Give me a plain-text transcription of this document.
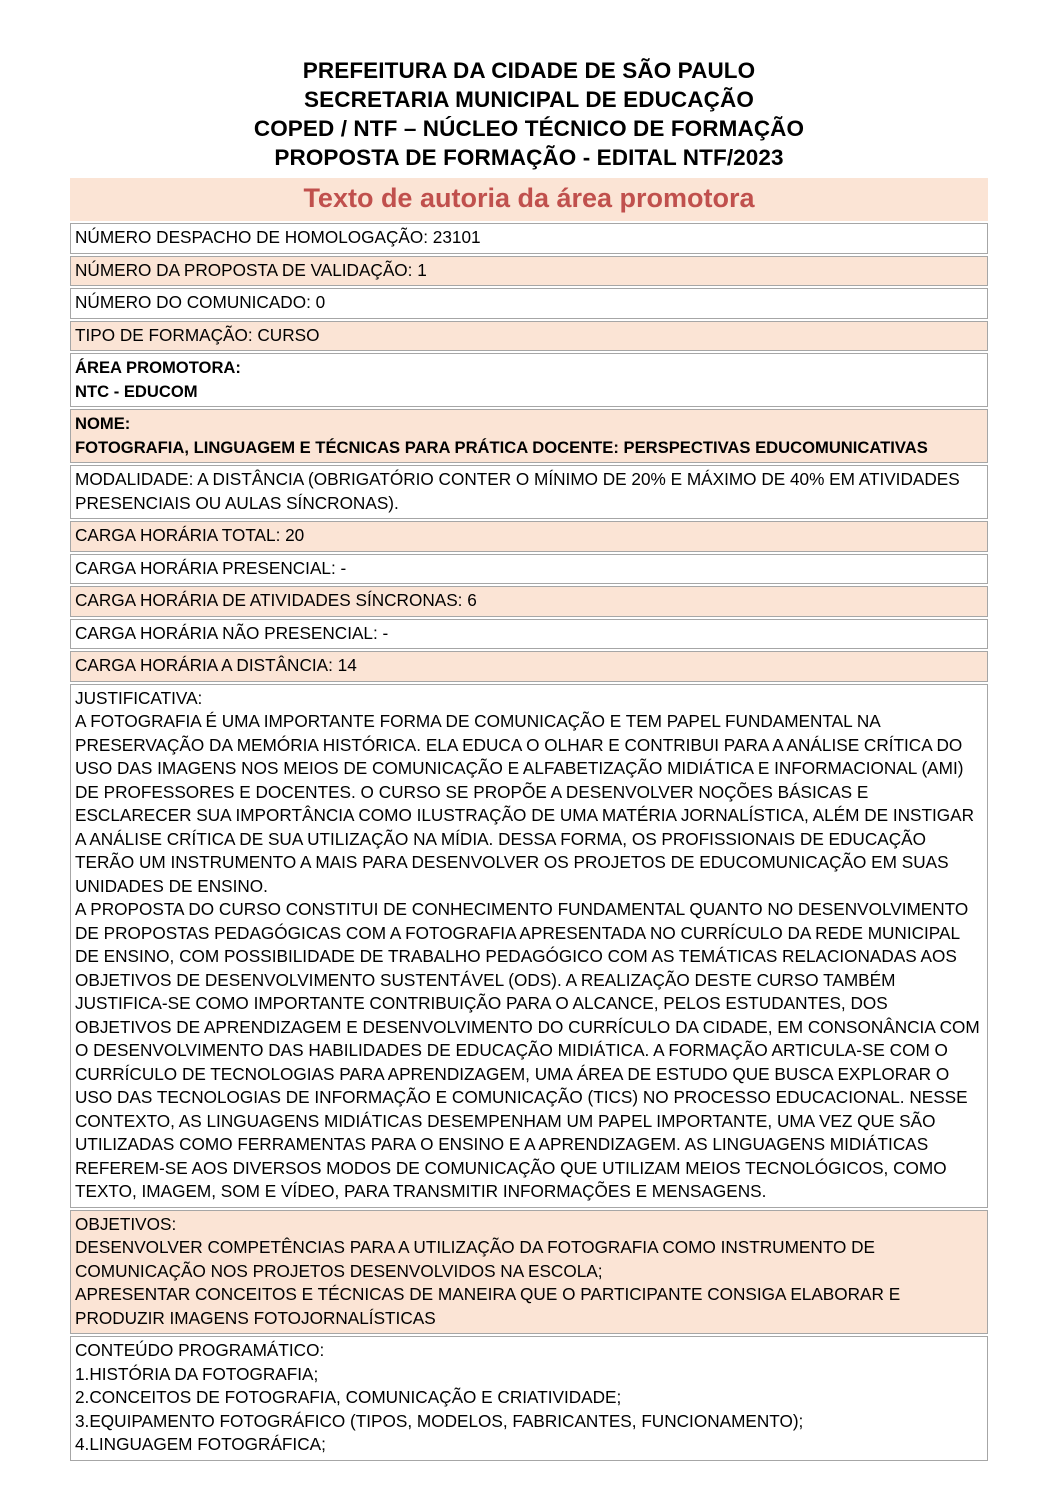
PREFEITURA DA CIDADE DE SÃO PAULO
SECRETARIA MUNICIPAL DE EDUCAÇÃO
COPED / NTF – NÚCLEO TÉCNICO DE FORMAÇÃO
PROPOSTA DE FORMAÇÃO - EDITAL NTF/2023
Texto de autoria da área promotora
NÚMERO DESPACHO DE HOMOLOGAÇÃO: 23101
NÚMERO DA PROPOSTA DE VALIDAÇÃO: 1
NÚMERO DO COMUNICADO: 0
TIPO DE FORMAÇÃO: CURSO

ÁREA PROMOTORA:
NTC - EDUCOM

NOME:
FOTOGRAFIA, LINGUAGEM E TÉCNICAS PARA PRÁTICA DOCENTE: PERSPECTIVAS EDUCOMUNICATIVAS

MODALIDADE: A DISTÂNCIA (OBRIGATÓRIO CONTER O MÍNIMO DE 20% E MÁXIMO DE 40% EM ATIVIDADES PRESENCIAIS OU AULAS SÍNCRONAS).
CARGA HORÁRIA TOTAL: 20
CARGA HORÁRIA PRESENCIAL: -
CARGA HORÁRIA DE ATIVIDADES SÍNCRONAS: 6
CARGA HORÁRIA NÃO PRESENCIAL: -
CARGA HORÁRIA A DISTÂNCIA: 14

JUSTIFICATIVA:
A FOTOGRAFIA É UMA IMPORTANTE FORMA DE COMUNICAÇÃO E TEM PAPEL FUNDAMENTAL NA PRESERVAÇÃO DA MEMÓRIA HISTÓRICA. ELA EDUCA O OLHAR E CONTRIBUI PARA A ANÁLISE CRÍTICA DO USO DAS IMAGENS NOS MEIOS DE COMUNICAÇÃO E ALFABETIZAÇÃO MIDIÁTICA E INFORMACIONAL (AMI) DE PROFESSORES E DOCENTES. O CURSO SE PROPÕE A DESENVOLVER NOÇÕES BÁSICAS E ESCLARECER SUA IMPORTÂNCIA COMO ILUSTRAÇÃO DE UMA MATÉRIA JORNALÍSTICA, ALÉM DE INSTIGAR A ANÁLISE CRÍTICA DE SUA UTILIZAÇÃO NA MÍDIA. DESSA FORMA, OS PROFISSIONAIS DE EDUCAÇÃO TERÃO UM INSTRUMENTO A MAIS PARA DESENVOLVER OS PROJETOS DE EDUCOMUNICAÇÃO EM SUAS UNIDADES DE ENSINO.
A PROPOSTA DO CURSO CONSTITUI DE CONHECIMENTO FUNDAMENTAL QUANTO NO DESENVOLVIMENTO DE PROPOSTAS PEDAGÓGICAS COM A FOTOGRAFIA APRESENTADA NO CURRÍCULO DA REDE MUNICIPAL DE ENSINO, COM POSSIBILIDADE DE TRABALHO PEDAGÓGICO COM AS TEMÁTICAS RELACIONADAS AOS OBJETIVOS DE DESENVOLVIMENTO SUSTENTÁVEL (ODS). A REALIZAÇÃO DESTE CURSO TAMBÉM JUSTIFICA-SE COMO IMPORTANTE CONTRIBUIÇÃO PARA O ALCANCE, PELOS ESTUDANTES, DOS OBJETIVOS DE APRENDIZAGEM E DESENVOLVIMENTO DO CURRÍCULO DA CIDADE, EM CONSONÂNCIA COM O DESENVOLVIMENTO DAS HABILIDADES DE EDUCAÇÃO MIDIÁTICA. A FORMAÇÃO ARTICULA-SE COM O CURRÍCULO DE TECNOLOGIAS PARA APRENDIZAGEM, UMA ÁREA DE ESTUDO QUE BUSCA EXPLORAR O USO DAS TECNOLOGIAS DE INFORMAÇÃO E COMUNICAÇÃO (TICS) NO PROCESSO EDUCACIONAL. NESSE CONTEXTO, AS LINGUAGENS MIDIÁTICAS DESEMPENHAM UM PAPEL IMPORTANTE, UMA VEZ QUE SÃO UTILIZADAS COMO FERRAMENTAS PARA O ENSINO E A APRENDIZAGEM. AS LINGUAGENS MIDIÁTICAS REFEREM-SE AOS DIVERSOS MODOS DE COMUNICAÇÃO QUE UTILIZAM MEIOS TECNOLÓGICOS, COMO TEXTO, IMAGEM, SOM E VÍDEO, PARA TRANSMITIR INFORMAÇÕES E MENSAGENS.

OBJETIVOS:
DESENVOLVER COMPETÊNCIAS PARA A UTILIZAÇÃO DA FOTOGRAFIA COMO INSTRUMENTO DE COMUNICAÇÃO NOS PROJETOS DESENVOLVIDOS NA ESCOLA;
APRESENTAR CONCEITOS E TÉCNICAS DE MANEIRA QUE O PARTICIPANTE CONSIGA ELABORAR E PRODUZIR IMAGENS FOTOJORNALÍSTICAS

CONTEÚDO PROGRAMÁTICO:
1.HISTÓRIA DA FOTOGRAFIA;
2.CONCEITOS DE FOTOGRAFIA, COMUNICAÇÃO E CRIATIVIDADE;
3.EQUIPAMENTO FOTOGRÁFICO (TIPOS, MODELOS, FABRICANTES, FUNCIONAMENTO);
4.LINGUAGEM FOTOGRÁFICA;
